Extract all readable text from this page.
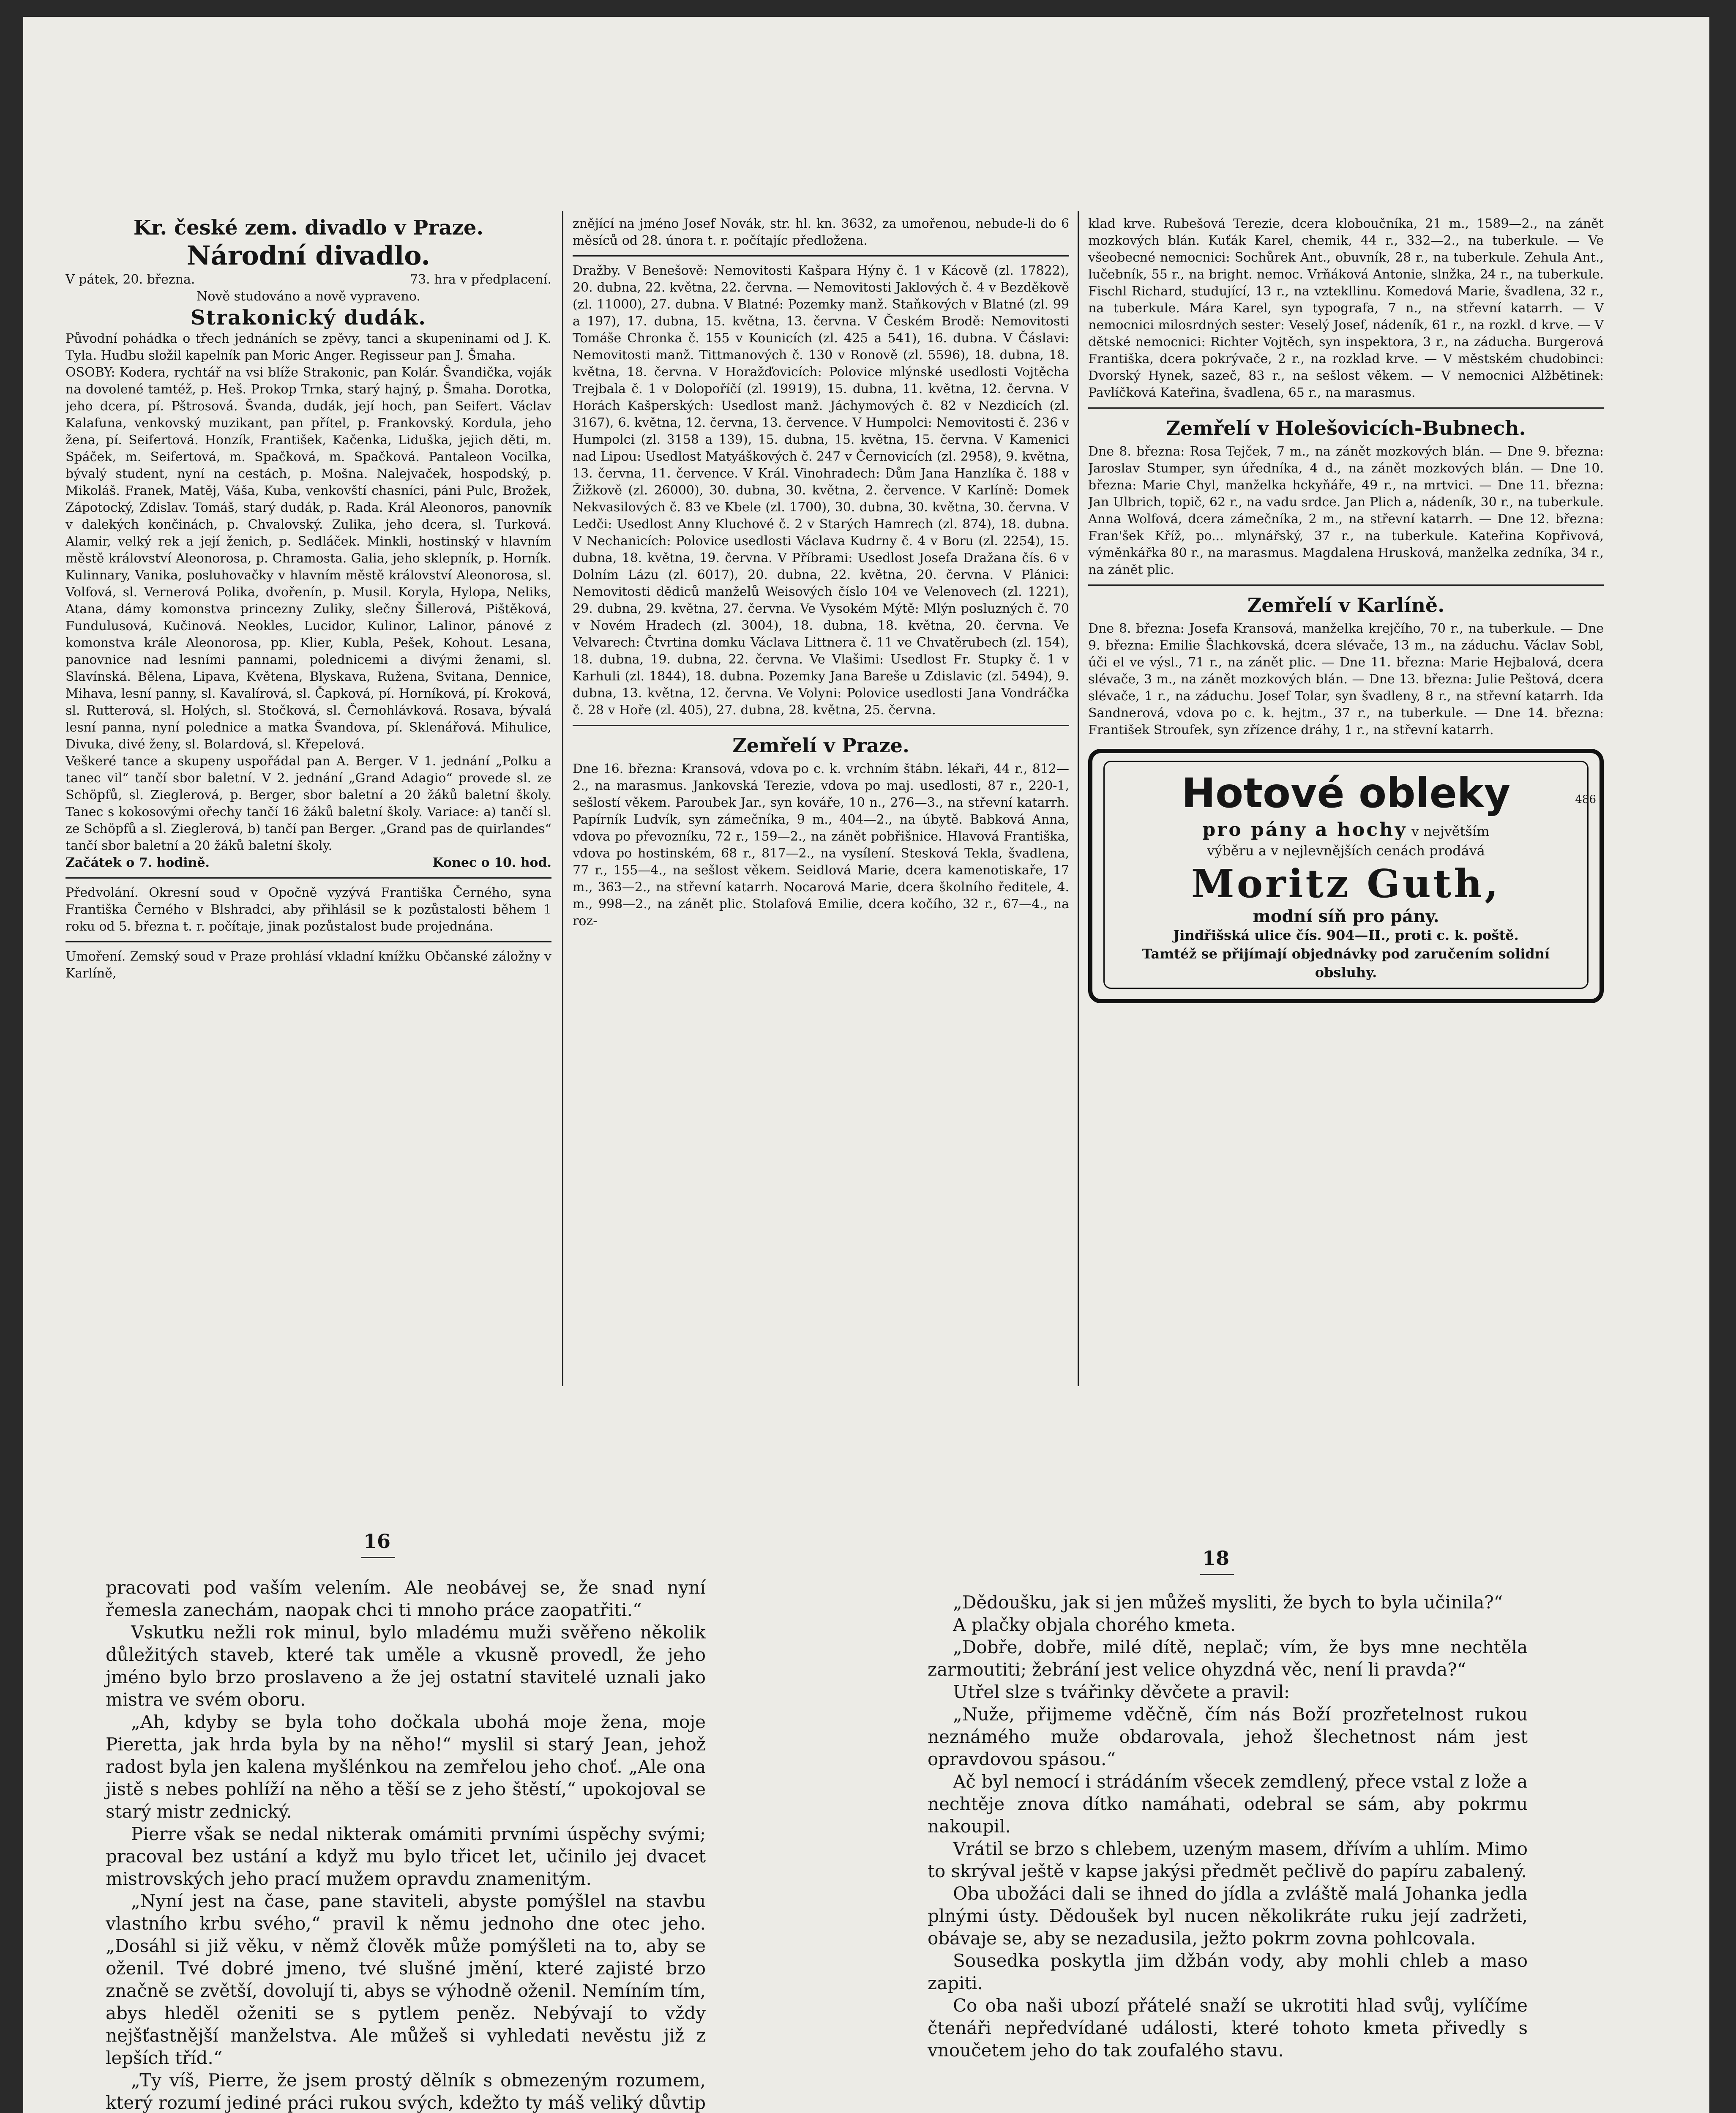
Kr. české zem. divadlo v Praze.
Národní divadlo.
V pátek, 20. března.	73. hra v předplacení.
Nově studováno a nově vypraveno.
Strakonický dudák.
Původní pohádka o třech jednáních se zpěvy, tanci a skupeninami od J. K. Tyla. Hudbu složil kapelník pan Moric Anger. Regisseur pan J. Šmaha.
OSOBY: Kodera, rychtář na vsi blíže Strakonic, pan Kolár. Švandička, voják na dovolené tamtéž, p. Heš. Prokop Trnka, starý hajný, p. Šmaha. Dorotka, jeho dcera, pí. Pštrosová. Švanda, dudák, její hoch, pan Seifert. Václav Kalafuna, venkovský muzikant, pan přítel, p. Frankovský. Kordula, jeho žena, pí. Seifertová. Honzík, František, Kačenka, Liduška, jejich děti, m. Spáček, m. Seifertová, m. Spačková, m. Spačková. Pantaleon Vocilka, bývalý student, nyní na cestách, p. Mošna. Nalejvaček, hospodský, p. Mikoláš. Franek, Matěj, Váša, Kuba, venkovští chasníci, páni Pulc, Brožek, Zápotocký, Zdislav. Tomáš, starý dudák, p. Rada. Král Aleonoros, panovník v dalekých končinách, p. Chvalovský. Zulika, jeho dcera, sl. Turková. Alamir, velký rek a její ženich, p. Sedláček. Minkli, hostinský v hlavním městě království Aleonorosa, p. Chramosta. Galia, jeho sklepník, p. Horník. Kulinnary, Vanika, posluhovačky v hlavním městě království Aleonorosa, sl. Volfová, sl. Vernerová Polika, dvořenín, p. Musil. Koryla, Hylopa, Neliks, Atana, dámy komonstva princezny Zuliky, slečny Šillerová, Pištěková, Fundulusová, Kučinová. Neokles, Lucidor, Kulinor, Lalinor, pánové z komonstva krále Aleonorosa, pp. Klier, Kubla, Pešek, Kohout. Lesana, panovnice nad lesními pannami, polednicemi a divými ženami, sl. Slavínská. Bělena, Lipava, Květena, Blyskava, Ružena, Svitana, Dennice, Mihava, lesní panny, sl. Kavalírová, sl. Čapková, pí. Horníková, pí. Kroková, sl. Rutterová, sl. Holých, sl. Stočková, sl. Černohlávková. Rosava, bývalá lesní panna, nyní polednice a matka Švandova, pí. Sklenářová. Mihulice, Divuka, divé ženy, sl. Bolardová, sl. Křepelová.
Veškeré tance a skupeny uspořádal pan A. Berger. V 1. jednání „Polku a tanec vil“ tančí sbor baletní. V 2. jednání „Grand Adagio“ provede sl. ze Schöpfů, sl. Zieglerová, p. Berger, sbor baletní a 20 žáků baletní školy. Tanec s kokosovými ořechy tančí 16 žáků baletní školy. Variace: a) tančí sl. ze Schöpfů a sl. Zieglerová, b) tančí pan Berger. „Grand pas de quirlandes“ tančí sbor baletní a 20 žáků baletní školy.
Začátek o 7. hodině.	Konec o 10. hod.
Předvolání. Okresní soud v Opočně vyzývá Františka Černého, syna Františka Černého v Blshradci, aby přihlásil se k pozůstalosti během 1 roku od 5. března t. r. počítaje, jinak pozůstalost bude projednána.
Umoření. Zemský soud v Praze prohlásí vkladní knížku Občanské záložny v Karlíně,
znějící na jméno Josef Novák, str. hl. kn. 3632, za umořenou, nebude-li do 6 měsíců od 28. února t. r. počítajíc předložena.
Dražby. V Benešově: Nemovitosti Kašpara Hýny č. 1 v Kácově (zl. 17822), 20. dubna, 22. května, 22. června. — Nemovitosti Jaklových č. 4 v Bezděkově (zl. 11000), 27. dubna. V Blatné: Pozemky manž. Staňkových v Blatné (zl. 99 a 197), 17. dubna, 15. května, 13. června. V Českém Brodě: Nemovitosti Tomáše Chronka č. 155 v Kounicích (zl. 425 a 541), 16. dubna. V Čáslavi: Nemovitosti manž. Tittmanových č. 130 v Ronově (zl. 5596), 18. dubna, 18. května, 18. června. V Horažďovicích: Polovice mlýnské usedlosti Vojtěcha Trejbala č. 1 v Dolopoříčí (zl. 19919), 15. dubna, 11. května, 12. června. V Horách Kašperských: Usedlost manž. Jáchymových č. 82 v Nezdicích (zl. 3167), 6. května, 12. června, 13. července. V Humpolci: Nemovitosti č. 236 v Humpolci (zl. 3158 a 139), 15. dubna, 15. května, 15. června. V Kamenici nad Lipou: Usedlost Matyáškových č. 247 v Černovicích (zl. 2958), 9. května, 13. června, 11. července. V Král. Vinohradech: Dům Jana Hanzlíka č. 188 v Žižkově (zl. 26000), 30. dubna, 30. května, 2. července. V Karlíně: Domek Nekvasilových č. 83 ve Kbele (zl. 1700), 30. dubna, 30. května, 30. června. V Ledči: Usedlost Anny Kluchové č. 2 v Starých Hamrech (zl. 874), 18. dubna. V Nechanicích: Polovice usedlosti Václava Kudrny č. 4 v Boru (zl. 2254), 15. dubna, 18. května, 19. června. V Příbrami: Usedlost Josefa Dražana čís. 6 v Dolním Lázu (zl. 6017), 20. dubna, 22. května, 20. června. V Plánici: Nemovitosti dědiců manželů Weisových číslo 104 ve Velenovech (zl. 1221), 29. dubna, 29. května, 27. června. Ve Vysokém Mýtě: Mlýn posluzných č. 70 v Novém Hradech (zl. 3004), 18. dubna, 18. května, 20. června. Ve Velvarech: Čtvrtina domku Václava Littnera č. 11 ve Chvatěrubech (zl. 154), 18. dubna, 19. dubna, 22. června. Ve Vlašimi: Usedlost Fr. Stupky č. 1 v Karhuli (zl. 1844), 18. dubna. Pozemky Jana Bareše u Zdislavic (zl. 5494), 9. dubna, 13. května, 12. června. Ve Volyni: Polovice usedlosti Jana Vondráčka č. 28 v Hoře (zl. 405), 27. dubna, 28. května, 25. června.
Zemřelí v Praze.
Dne 16. března: Kransová, vdova po c. k. vrchním štábn. lékaři, 44 r., 812—2., na marasmus. Jankovská Terezie, vdova po maj. usedlosti, 87 r., 220-1, sešlostí věkem. Paroubek Jar., syn kováře, 10 n., 276—3., na střevní katarrh. Papírník Ludvík, syn zámečníka, 9 m., 404—2., na úbytě. Babková Anna, vdova po převozníku, 72 r., 159—2., na zánět pobřišnice. Hlavová Františka, vdova po hostinském, 68 r., 817—2., na vysílení. Stesková Tekla, švadlena, 77 r., 155—4., na sešlost věkem. Seidlová Marie, dcera kamenotiskaře, 17 m., 363—2., na střevní katarrh. Nocarová Marie, dcera školního ředitele, 4. m., 998—2., na zánět plic. Stolafová Emilie, dcera kočího, 32 r., 67—4., na roz-
klad krve. Rubešová Terezie, dcera kloboučníka, 21 m., 1589—2., na zánět mozkových blán. Kuťák Karel, chemik, 44 r., 332—2., na tuberkule. — Ve všeobecné nemocnici: Sochůrek Ant., obuvník, 28 r., na tuberkule. Zehula Ant., lučebník, 55 r., na bright. nemoc. Vrňáková Antonie, slnžka, 24 r., na tuberkule. Fischl Richard, studující, 13 r., na vztekllinu. Komedová Marie, švadlena, 32 r., na tuberkule. Mára Karel, syn typografa, 7 n., na střevní katarrh. — V nemocnici milosrdných sester: Veselý Josef, nádeník, 61 r., na rozkl. d krve. — V dětské nemocnici: Richter Vojtěch, syn inspektora, 3 r., na záducha. Burgerová Františka, dcera pokrývače, 2 r., na rozklad krve. — V městském chudobinci: Dvorský Hynek, sazeč, 83 r., na sešlost věkem. — V nemocnici Alžbětinek: Pavlíčková Kateřina, švadlena, 65 r., na marasmus.
Zemřelí v Holešovicích-Bubnech.
Dne 8. března: Rosa Tejček, 7 m., na zánět mozkových blán. — Dne 9. března: Jaroslav Stumper, syn úředníka, 4 d., na zánět mozkových blán. — Dne 10. března: Marie Chyl, manželka hckyňáře, 49 r., na mrtvici. — Dne 11. března: Jan Ulbrich, topič, 62 r., na vadu srdce. Jan Plich a, nádeník, 30 r., na tuberkule. Anna Wolfová, dcera zámečníka, 2 m., na střevní katarrh. — Dne 12. března: Fran'šek Kříž, po... mlynářský, 37 r., na tuberkule. Kateřina Kopřivová, výměnkářka 80 r., na marasmus. Magdalena Hrusková, manželka zedníka, 34 r., na zánět plic.
Zemřelí v Karlíně.
Dne 8. března: Josefa Kransová, manželka krejčího, 70 r., na tuberkule. — Dne 9. března: Emilie Šlachkovská, dcera slévače, 13 m., na záduchu. Václav Sobl, úči el ve výsl., 71 r., na zánět plic. — Dne 11. března: Marie Hejbalová, dcera slévače, 3 m., na zánět mozkových blán. — Dne 13. března: Julie Peštová, dcera slévače, 1 r., na záduchu. Josef Tolar, syn švadleny, 8 r., na střevní katarrh. Ida Sandnerová, vdova po c. k. hejtm., 37 r., na tuberkule. — Dne 14. března: František Stroufek, syn zřízence dráhy, 1 r., na střevní katarrh.
486
Hotové obleky
pro pány a hochy v největším
výběru a v nejlevnějších cenách prodává
Moritz Guth,
modní síň pro pány.
Jindřišská ulice čís. 904—II., proti c. k. poště.
Tamtéž se přijímají objednávky pod zaručením solidní obsluhy.
16

pracovati pod vaším velením. Ale neobávej se, že snad nyní řemesla zanechám, naopak chci ti mnoho práce zaopatřiti.“

Vskutku nežli rok minul, bylo mladému muži svěřeno několik důležitých staveb, které tak uměle a vkusně provedl, že jeho jméno bylo brzo proslaveno a že jej ostatní stavitelé uznali jako mistra ve svém oboru.

„Ah, kdyby se byla toho dočkala ubohá moje žena, moje Pieretta, jak hrda byla by na něho!“ myslil si starý Jean, jehož radost byla jen kalena myšlénkou na zemřelou jeho choť. „Ale ona jistě s nebes pohlíží na něho a těší se z jeho štěstí,“ upokojoval se starý mistr zednický.

Pierre však se nedal nikterak omámiti prvními úspěchy svými; pracoval bez ustání a když mu bylo třicet let, učinilo jej dvacet mistrovských jeho prací mužem opravdu znamenitým.

„Nyní jest na čase, pane staviteli, abyste pomýšlel na stavbu vlastního krbu svého,“ pravil k němu jednoho dne otec jeho. „Dosáhl si již věku, v němž člověk může pomýšleti na to, aby se oženil. Tvé dobré jmeno, tvé slušné jmění, které zajisté brzo značně se zvětší, dovolují ti, abys se výhodně oženil. Nemíním tím, abys hleděl oženiti se s pytlem peněz. Nebývají to vždy nejšťastnější manželstva. Ale můžeš si vyhledati nevěstu již z lepších tříd.“

„Ty víš, Pierre, že jsem prostý dělník s obmezeným rozumem, který rozumí jediné práci rukou svých, kdežto ty máš veliký důvtip

18

„Dědoušku, jak si jen můžeš mysliti, že bych to byla učinila?“

A plačky objala chorého kmeta.

„Dobře, dobře, milé dítě, neplač; vím, že bys mne nechtěla zarmoutiti; žebrání jest velice ohyzdná věc, není li pravda?“

Utřel slze s tvářinky děvčete a pravil:

„Nuže, přijmeme vděčně, čím nás Boží prozřetelnost rukou neznámého muže obdarovala, jehož šlechetnost nám jest opravdovou spásou.“

Ač byl nemocí i strádáním všecek zemdlený, přece vstal z lože a nechtěje znova dítko namáhati, odebral se sám, aby pokrmu nakoupil.

Vrátil se brzo s chlebem, uzeným masem, dřívím a uhlím. Mimo to skrýval ještě v kapse jakýsi předmět pečlivě do papíru zabalený.

Oba ubožáci dali se ihned do jídla a zvláště malá Johanka jedla plnými ústy. Dědoušek byl nucen několikráte ruku její zadržeti, obávaje se, aby se nezadusila, ježto pokrm zovna pohlcovala.

Sousedka poskytla jim džbán vody, aby mohli chleb a maso zapiti.

Co oba naši ubozí přátelé snaží se ukrotiti hlad svůj, vylíčíme čtenáři nepředvídané události, které tohoto kmeta přivedly s vnoučetem jeho do tak zoufalého stavu.
